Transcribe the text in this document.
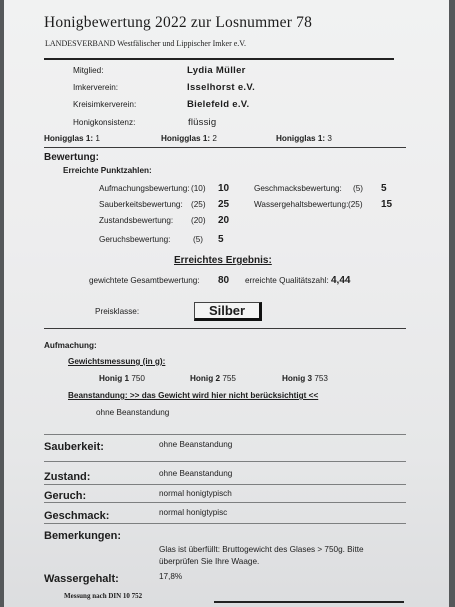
Honigbewertung 2022 zur Losnummer 78
LANDESVERBAND Westfälischer und Lippischer Imker e.V.
Mitglied:	Lydia Müller
Imkerverein:	Isselhorst e.V.
Kreisimkerverein:	Bielefeld e.V.
Honigkonsistenz:	flüssig
Honigglas 1: 1	Honigglas 1: 2	Honigglas 1: 3
Bewertung:
Erreichte Punktzahlen:
Aufmachungsbewertung: (10) 10
Sauberkeitsbewertung: (25) 25
Zustandsbewertung: (20) 20
Geruchsbewertung:	(5) 5
Geschmacksbewertung: (5) 5
Wassergehaltsbewertung: (25) 15
Erreichtes Ergebnis:
gewichtete Gesamtbewertung: 80 erreichte Qualitätszahl: 4,44
Preisklasse:	Silber
Aufmachung:
Gewichtsmessung (in g):
Honig 1 750	Honig 2 755	Honig 3 753
Beanstandung: >> das Gewicht wird hier nicht berücksichtigt <<
ohne Beanstandung
Sauberkeit:	ohne Beanstandung
Zustand:	ohne Beanstandung
Geruch:	normal honigtypisch
Geschmack:	normal honigtypisc
Bemerkungen:
Glas ist überfüllt: Bruttogewicht des Glases > 750g. Bitte
überprüfen Sie Ihre Waage.
Wassergehalt:	17,8%
Messung nach DIN 10 752
